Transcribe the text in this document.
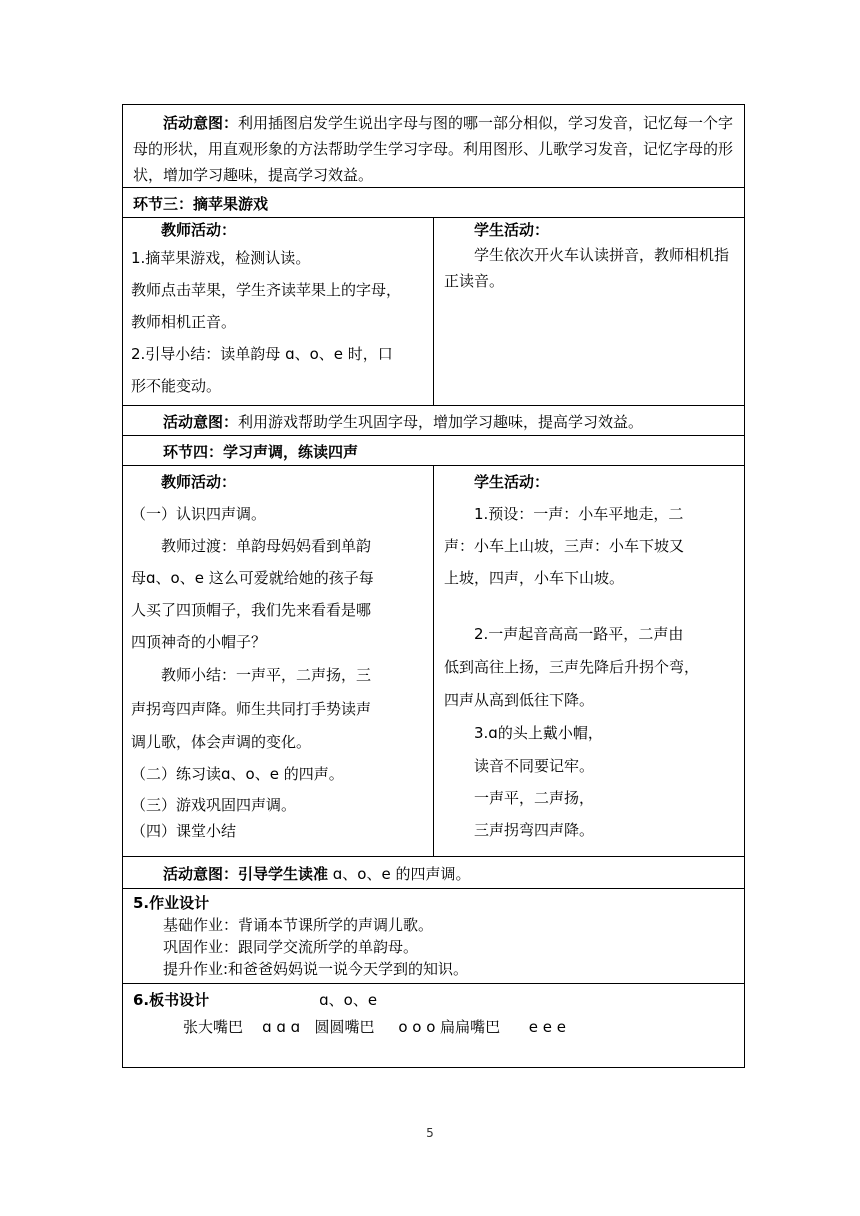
活动意图：利用插图启发学生说出字母与图的哪一部分相似，学习发音，记忆每一个字母的形状，用直观形象的方法帮助学生学习字母。利用图形、儿歌学习发音，记忆字母的形状，增加学习趣味，提高学习效益。

环节三：摘苹果游戏

教师活动：

1.摘苹果游戏，检测认读。

教师点击苹果，学生齐读苹果上的字母，

教师相机正音。

2.引导小结：读单韵母 ɑ、o、e 时，口

形不能变动。

学生活动：

学生依次开火车认读拼音，教师相机指正读音。

活动意图：利用游戏帮助学生巩固字母，增加学习趣味，提高学习效益。

环节四：学习声调，练读四声

教师活动：

（一）认识四声调。

教师过渡：单韵母妈妈看到单韵

母ɑ、o、e 这么可爱就给她的孩子每

人买了四顶帽子，我们先来看看是哪

四顶神奇的小帽子？

教师小结：一声平，二声扬，三

声拐弯四声降。师生共同打手势读声

调儿歌，体会声调的变化。

（二）练习读ɑ、o、e 的四声。

（三）游戏巩固四声调。

（四）课堂小结

学生活动：

1.预设：一声：小车平地走，二

声：小车上山坡，三声：小车下坡又

上坡，四声，小车下山坡。

2.一声起音高高一路平，二声由

低到高往上扬，三声先降后升拐个弯，

四声从高到低往下降。

3.ɑ的头上戴小帽，

读音不同要记牢。

一声平，二声扬，

三声拐弯四声降。

活动意图：引导学生读准 ɑ、o、e 的四声调。

5.作业设计

基础作业：背诵本节课所学的声调儿歌。

巩固作业：跟同学交流所学的单韵母。

提升作业:和爸爸妈妈说一说今天学到的知识。

6.板书设计	ɑ、o、e

张大嘴巴    ɑ ɑ ɑ   圆圆嘴巴     o o o 扁扁嘴巴      e e e

5
